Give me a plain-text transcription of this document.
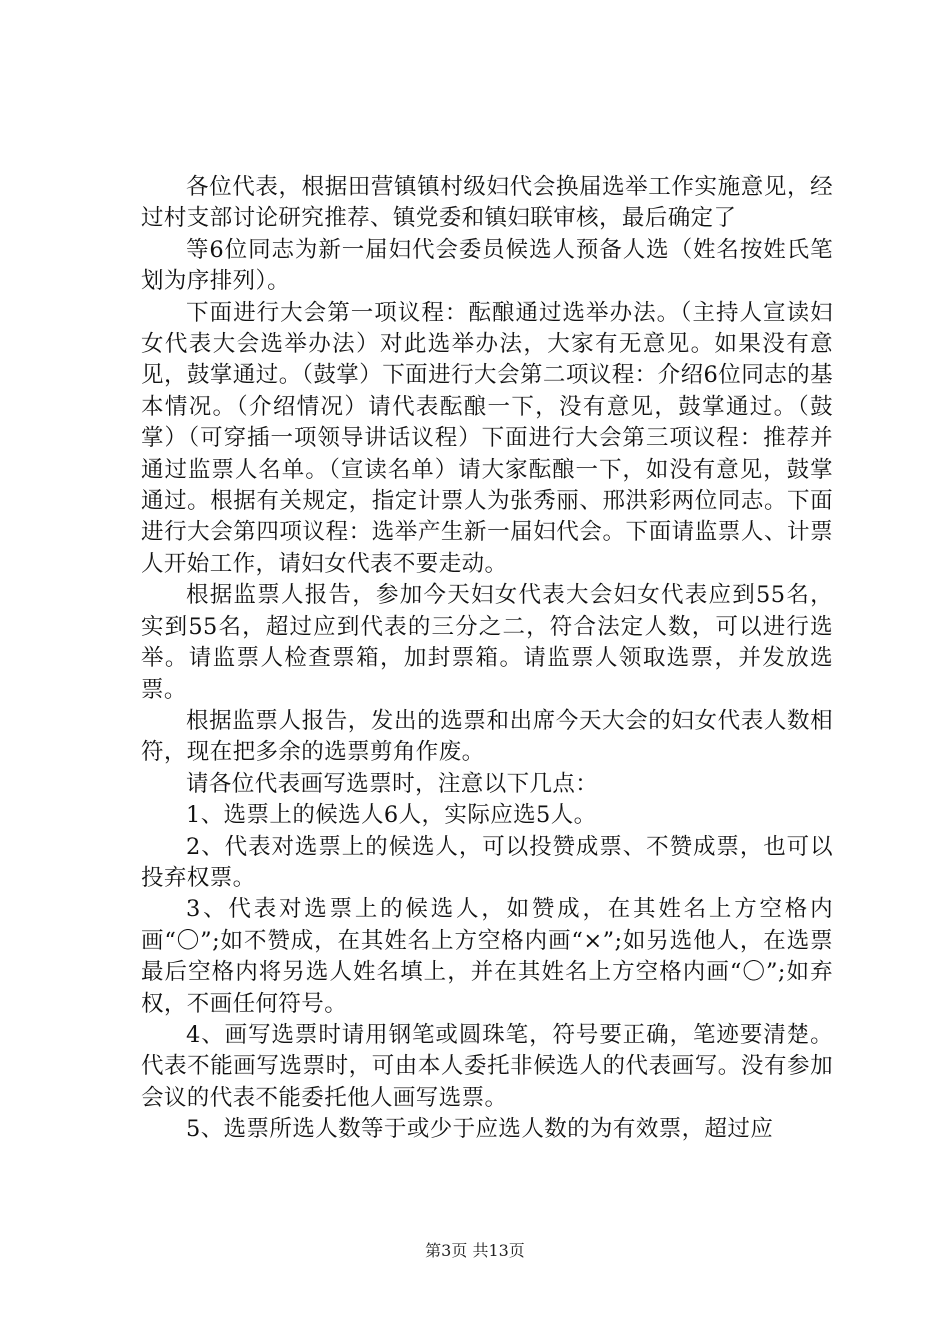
各位代表，根据田营镇镇村级妇代会换届选举工作实施意见，经过村支部讨论研究推荐、镇党委和镇妇联审核，最后确定了

等6位同志为新一届妇代会委员候选人预备人选（姓名按姓氏笔划为序排列）。

下面进行大会第一项议程：酝酿通过选举办法。（主持人宣读妇女代表大会选举办法）对此选举办法，大家有无意见。如果没有意见，鼓掌通过。（鼓掌）下面进行大会第二项议程：介绍6位同志的基本情况。（介绍情况）请代表酝酿一下，没有意见，鼓掌通过。（鼓掌）（可穿插一项领导讲话议程）下面进行大会第三项议程：推荐并通过监票人名单。（宣读名单）请大家酝酿一下，如没有意见，鼓掌通过。根据有关规定，指定计票人为张秀丽、邢洪彩两位同志。下面进行大会第四项议程：选举产生新一届妇代会。下面请监票人、计票人开始工作，请妇女代表不要走动。

根据监票人报告，参加今天妇女代表大会妇女代表应到55名，实到55名，超过应到代表的三分之二，符合法定人数，可以进行选举。请监票人检查票箱，加封票箱。请监票人领取选票，并发放选票。

根据监票人报告，发出的选票和出席今天大会的妇女代表人数相符，现在把多余的选票剪角作废。

请各位代表画写选票时，注意以下几点：

1、选票上的候选人6人，实际应选5人。

2、代表对选票上的候选人，可以投赞成票、不赞成票，也可以投弃权票。

3、代表对选票上的候选人，如赞成，在其姓名上方空格内画“〇”;如不赞成，在其姓名上方空格内画“×”;如另选他人，在选票最后空格内将另选人姓名填上，并在其姓名上方空格内画“〇”;如弃权，不画任何符号。

4、画写选票时请用钢笔或圆珠笔，符号要正确，笔迹要清楚。代表不能画写选票时，可由本人委托非候选人的代表画写。没有参加会议的代表不能委托他人画写选票。

5、选票所选人数等于或少于应选人数的为有效票，超过应

第3页 共13页
